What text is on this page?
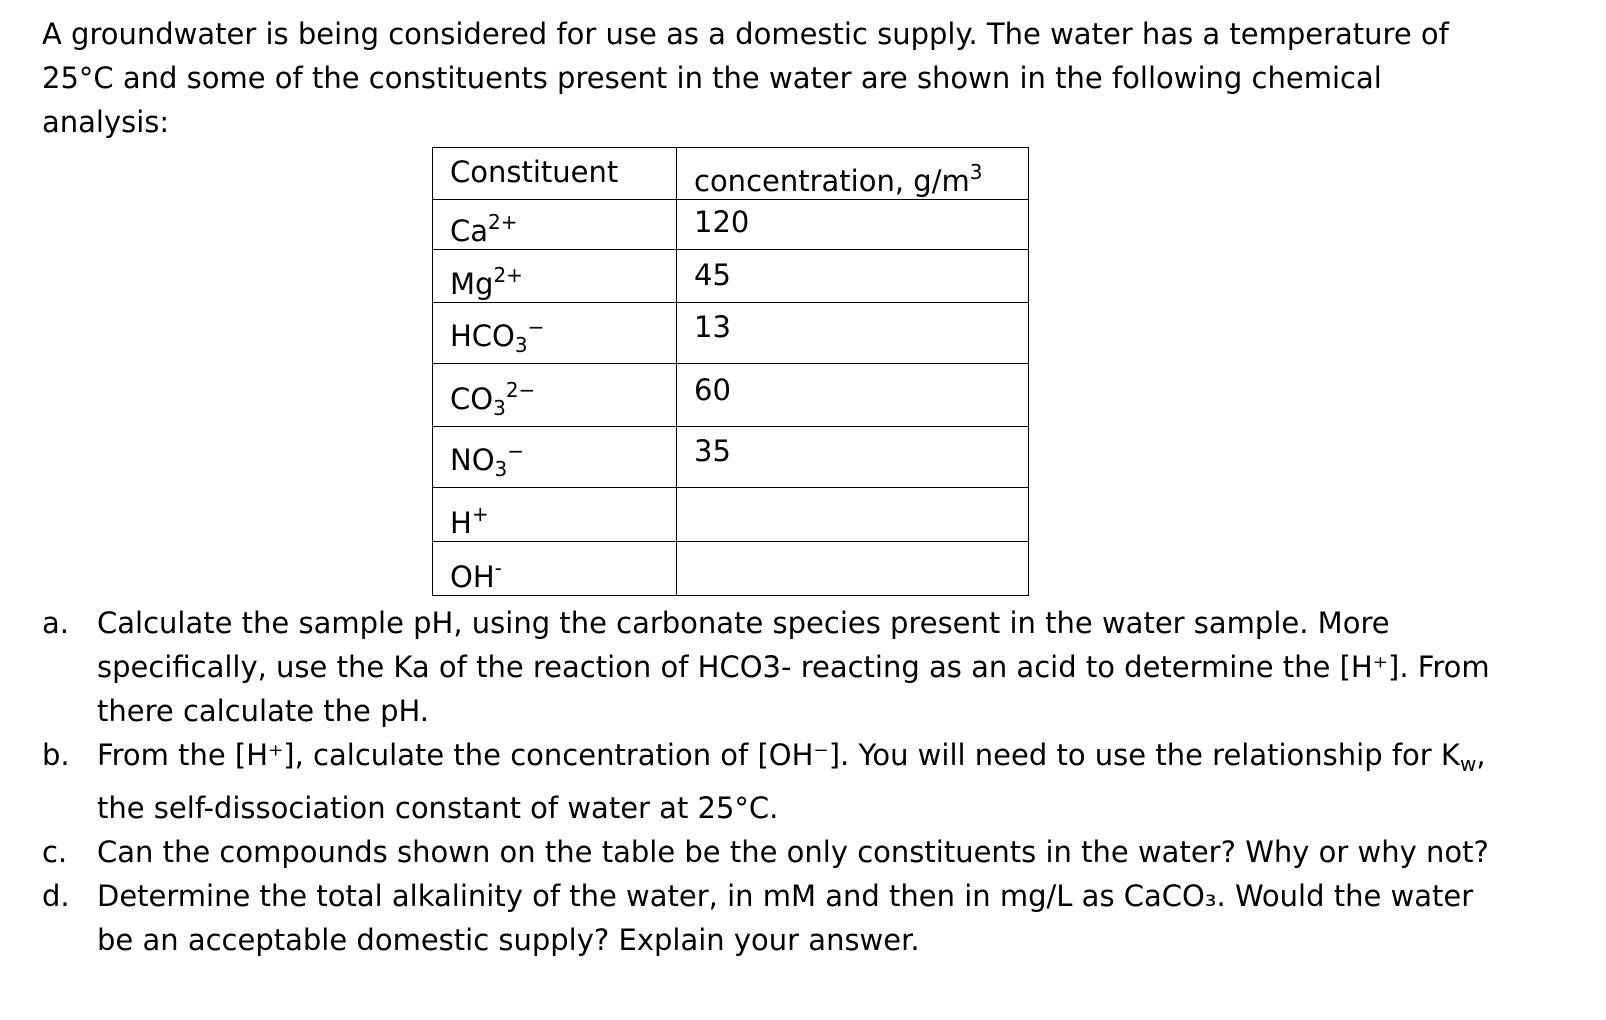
A groundwater is being considered for use as a domestic supply. The water has a temperature of 25°C and some of the constituents present in the water are shown in the following chemical analysis:

Constituent	concentration, $g/m^3$
$Ca^{2+}$	120
$Mg^{2+}$	45
$HCO_3^-$	13
$CO_3^{2-}$	60
$NO_3^-$	35
H+	
OH-	
a. Calculate the sample pH, using the carbonate species present in the water sample. More specifically, use the Ka of the reaction of HCO3- reacting as an acid to determine the [H⁺]. From there calculate the pH.
b. From the [H⁺], calculate the concentration of [OH⁻]. You will need to use the relationship for $K_w$, the self-dissociation constant of water at 25°C.
c. Can the compounds shown on the table be the only constituents in the water? Why or why not?
d. Determine the total alkalinity of the water, in mM and then in mg/L as CaCO₃. Would the water be an acceptable domestic supply? Explain your answer.
